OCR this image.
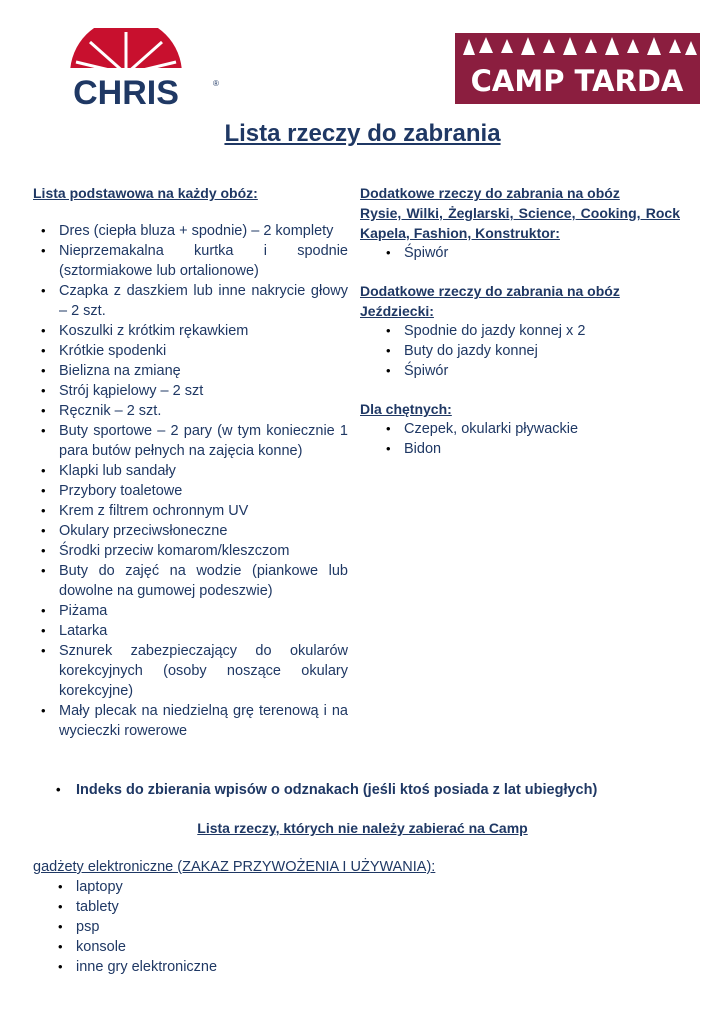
CHRIS	®	CAMP TARDA
Lista rzeczy do zabrania
Lista podstawowa na każdy obóz:
• Dres (ciepła bluza + spodnie) – 2 komplety
• Nieprzemakalna kurtka i spodnie (sztormiakowe lub ortalionowe)
• Czapka z daszkiem lub inne nakrycie głowy – 2 szt.
• Koszulki z krótkim rękawkiem
• Krótkie spodenki
• Bielizna na zmianę
• Strój kąpielowy – 2 szt
• Ręcznik – 2 szt.
• Buty sportowe – 2 pary (w tym koniecznie 1 para butów pełnych na zajęcia konne)
• Klapki lub sandały
• Przybory toaletowe
• Krem z filtrem ochronnym UV
• Okulary przeciwsłoneczne
• Środki przeciw komarom/kleszczom
• Buty do zajęć na wodzie (piankowe lub dowolne na gumowej podeszwie)
• Piżama
• Latarka
• Sznurek zabezpieczający do okularów korekcyjnych (osoby noszące okulary korekcyjne)
• Mały plecak na niedzielną grę terenową i na wycieczki rowerowe
Dodatkowe rzeczy do zabrania na obóz
Rysie, Wilki, Żeglarski, Science, Cooking, Rock Kapela, Fashion, Konstruktor:
• Śpiwór
Dodatkowe rzeczy do zabrania na obóz Jeździecki:
• Spodnie do jazdy konnej x 2
• Buty do jazdy konnej
• Śpiwór
Dla chętnych:
• Czepek, okularki pływackie
• Bidon
• Indeks do zbierania wpisów o odznakach (jeśli ktoś posiada z lat ubiegłych)
Lista rzeczy, których nie należy zabierać na Camp
gadżety elektroniczne (ZAKAZ PRZYWOŻENIA I UŻYWANIA):
• laptopy
• tablety
• psp
• konsole
• inne gry elektroniczne
